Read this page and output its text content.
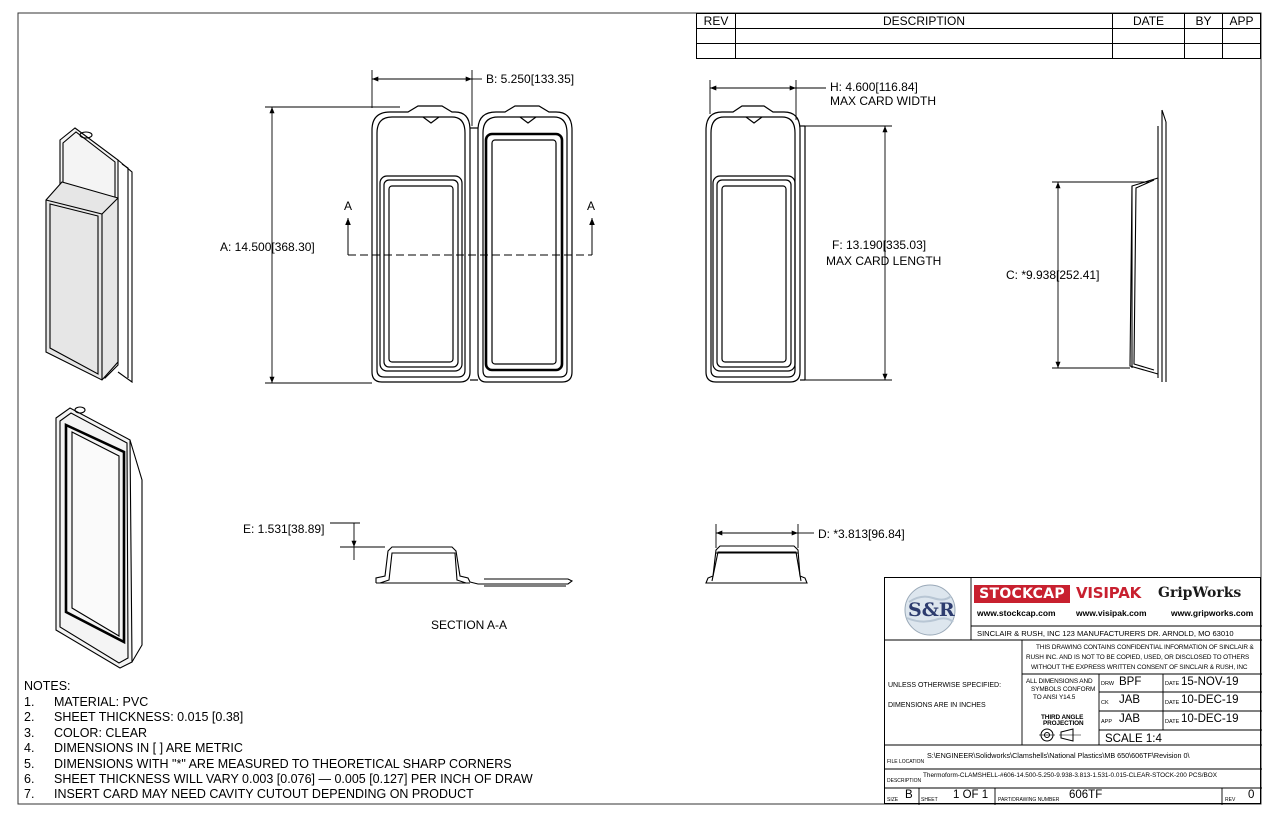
REV	DESCRIPTION	DATE	BY	APP

B: 5.250[133.35]
H: 4.600[116.84]
MAX CARD WIDTH
A: 14.500[368.30]	F: 13.190[335.03]
MAX CARD LENGTH
C: *9.938[252.41]
A	A
E: 1.531[38.89]	D: *3.813[96.84]
SECTION A-A
NOTES:
1. MATERIAL: PVC
2. SHEET THICKNESS: 0.015 [0.38]
3. COLOR: CLEAR
4. DIMENSIONS IN [ ] ARE METRIC
5. DIMENSIONS WITH "*" ARE MEASURED TO THEORETICAL SHARP CORNERS
6. SHEET THICKNESS WILL VARY 0.003 [0.076] — 0.005 [0.127] PER INCH OF DRAW
7. INSERT CARD MAY NEED CAVITY CUTOUT DEPENDING ON PRODUCT
S&R
STOCKCAP VISIPAK GripWorks
www.stockcap.com www.visipak.com	www.gripworks.com
SINCLAIR & RUSH, INC 123 MANUFACTURERS DR. ARNOLD, MO 63010
THIS DRAWING CONTAINS CONFIDENTIAL INFORMATION OF SINCLAIR &
RUSH INC. AND IS NOT TO BE COPIED, USED, OR DISCLOSED TO OTHERS
WITHOUT THE EXPRESS WRITTEN CONSENT OF SINCLAIR & RUSH, INC
UNLESS OTHERWISE SPECIFIED:
DIMENSIONS ARE IN INCHES
ALL DIMENSIONS AND
SYMBOLS CONFORM
TO ANSI Y14.5
THIRD ANGLE
PROJECTION
DRW BPF	DATE 15-NOV-19
CK JAB	DATE 10-DEC-19
APP JAB	DATE 10-DEC-19
SCALE 1:4
FILE LOCATION
S:\ENGINEER\Solidworks\Clamshells\National Plastics\MB 650\606TF\Revision 0\
DESCRIPTION
Thermoform-CLAMSHELL-#606-14.500-5.250-9.938-3.813-1.531-0.015-CLEAR-STOCK-200 PCS/BOX
SIZE B SHEET 1 OF 1 PART/DRAWING NUMBER 606TF	REV 0
